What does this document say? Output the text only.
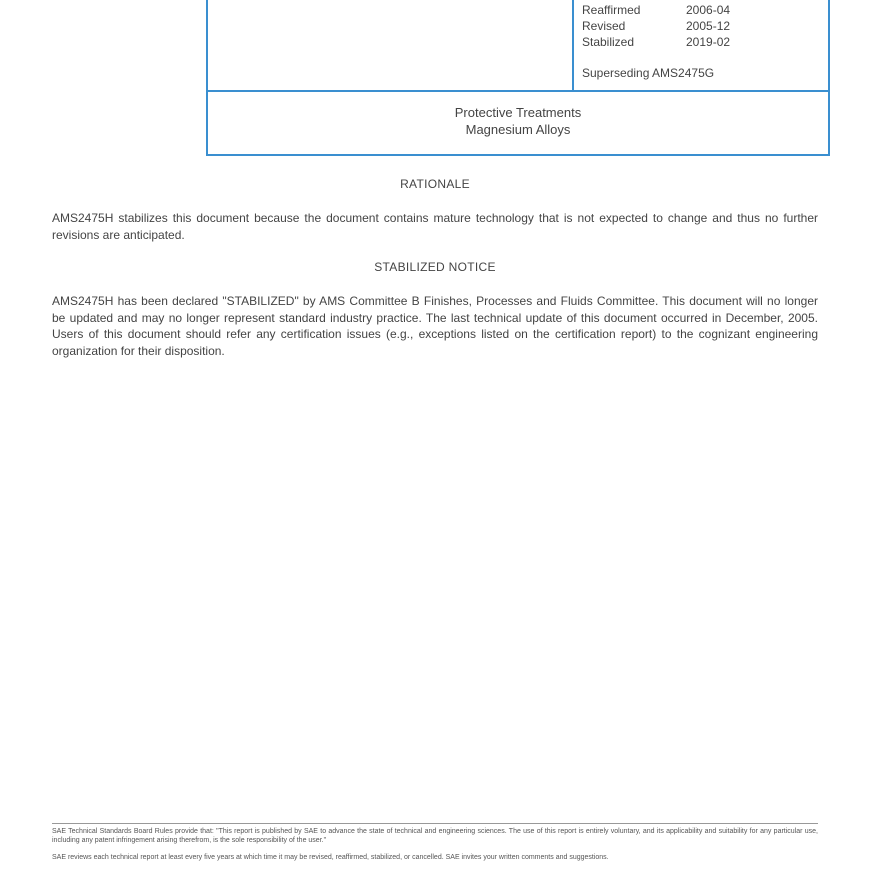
Reaffirmed	2006-04
Revised	2005-12
Stabilized	2019-02
Superseding AMS2475G
Protective Treatments
Magnesium Alloys
RATIONALE
AMS2475H stabilizes this document because the document contains mature technology that is not expected to change and thus no further revisions are anticipated.
STABILIZED NOTICE
AMS2475H has been declared "STABILIZED" by AMS Committee B Finishes, Processes and Fluids Committee. This document will no longer be updated and may no longer represent standard industry practice. The last technical update of this document occurred in December, 2005. Users of this document should refer any certification issues (e.g., exceptions listed on the certification report) to the cognizant engineering organization for their disposition.
SAE Technical Standards Board Rules provide that: "This report is published by SAE to advance the state of technical and engineering sciences. The use of this report is entirely voluntary, and its applicability and suitability for any particular use, including any patent infringement arising therefrom, is the sole responsibility of the user."
SAE reviews each technical report at least every five years at which time it may be revised, reaffirmed, stabilized, or cancelled. SAE invites your written comments and suggestions.
